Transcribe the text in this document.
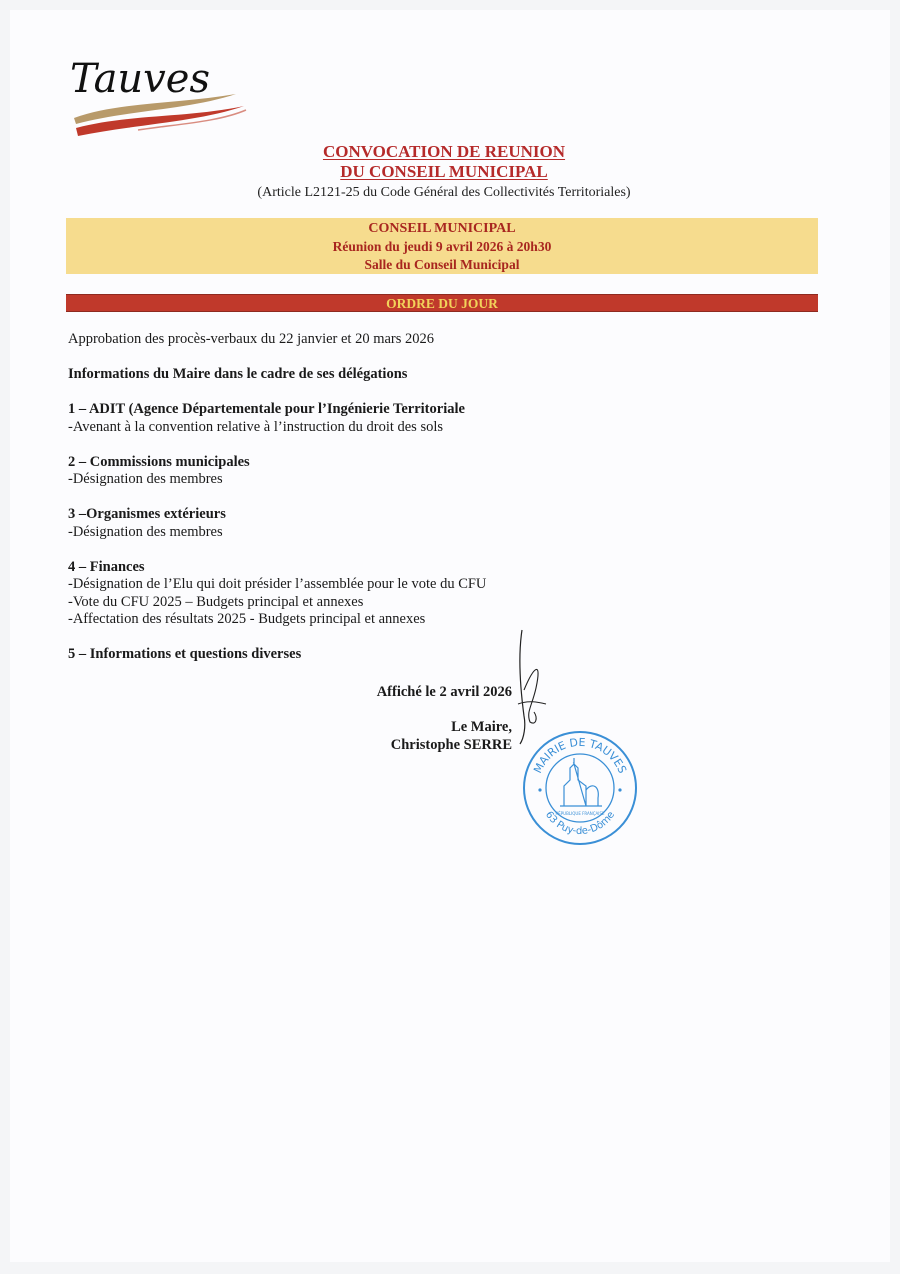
Tauves
CONVOCATION DE REUNION
DU CONSEIL MUNICIPAL
(Article L2121-25 du Code Général des Collectivités Territoriales)
CONSEIL MUNICIPAL
Réunion du jeudi 9 avril 2026 à 20h30
Salle du Conseil Municipal
ORDRE DU JOUR

Approbation des procès-verbaux du 22 janvier et 20 mars 2026

Informations du Maire dans le cadre de ses délégations

1 – ADIT (Agence Départementale pour l’Ingénierie Territoriale

-Avenant à la convention relative à l’instruction du droit des sols

2 – Commissions municipales

-Désignation des membres

3 –Organismes extérieurs

-Désignation des membres

4 – Finances

-Désignation de l’Elu qui doit présider l’assemblée pour le vote du CFU

-Vote du CFU 2025 – Budgets principal et annexes

-Affectation des résultats 2025 - Budgets principal et annexes

5 – Informations et questions diverses

Affiché le 2 avril 2026
Le Maire,
Christophe SERRE
MAIRIE DE TAUVES
63 Puy-de-Dôme
RÉPUBLIQUE FRANÇAISE
